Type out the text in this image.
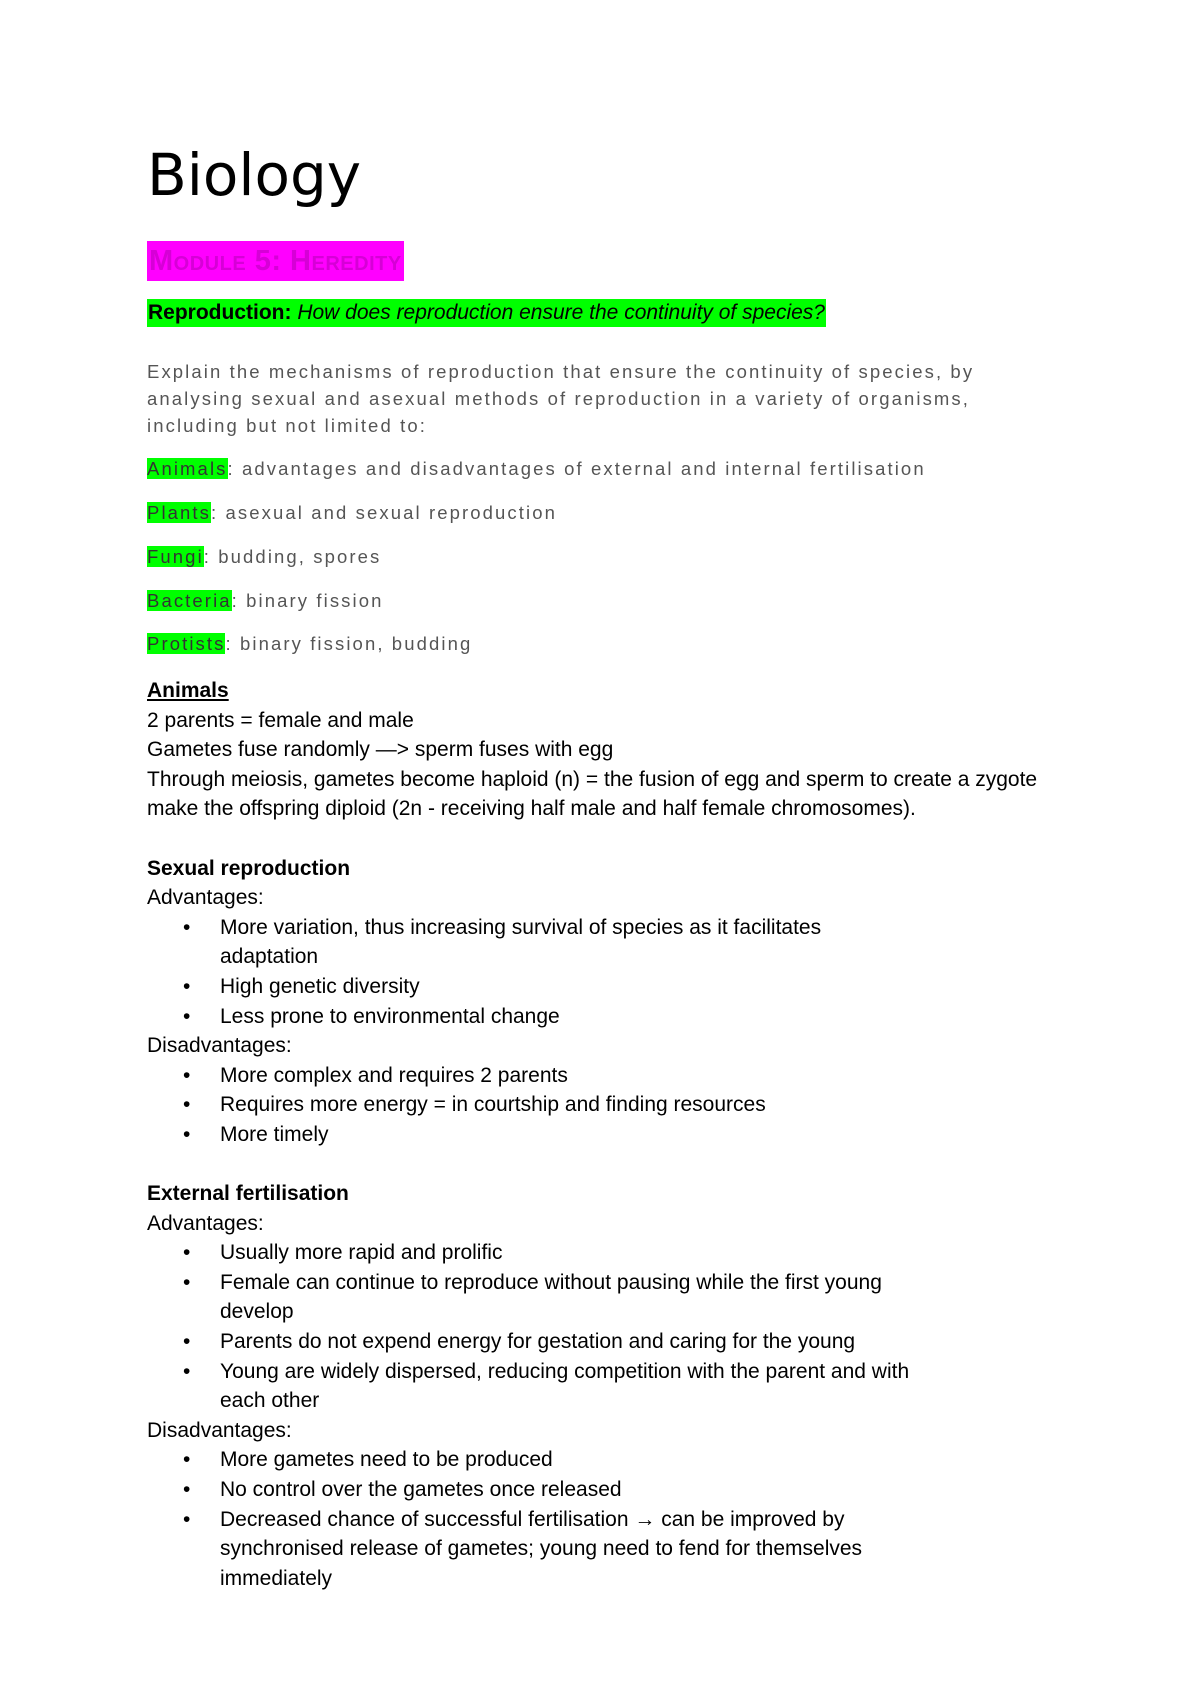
Biology
Module 5: Heredity

Reproduction: How does reproduction ensure the continuity of species?

Explain the mechanisms of reproduction that ensure the continuity of species, by analysing sexual and asexual methods of reproduction in a variety of organisms, including but not limited to:

Animals: advantages and disadvantages of external and internal fertilisation
Plants: asexual and sexual reproduction
Fungi: budding, spores
Bacteria: binary fission
Protists: binary fission, budding

Animals

2 parents = female and male

Gametes fuse randomly —> sperm fuses with egg

Through meiosis, gametes become haploid (n) = the fusion of egg and sperm to create a zygote make the offspring diploid (2n - receiving half male and half female chromosomes).

Sexual reproduction

Advantages:

• More variation, thus increasing survival of species as it facilitates adaptation
• High genetic diversity
• Less prone to environmental change

Disadvantages:

• More complex and requires 2 parents
• Requires more energy = in courtship and finding resources
• More timely

External fertilisation

Advantages:

• Usually more rapid and prolific
• Female can continue to reproduce without pausing while the first young develop
• Parents do not expend energy for gestation and caring for the young
• Young are widely dispersed, reducing competition with the parent and with each other

Disadvantages:

• More gametes need to be produced
• No control over the gametes once released
• Decreased chance of successful fertilisation → can be improved by synchronised release of gametes; young need to fend for themselves immediately
